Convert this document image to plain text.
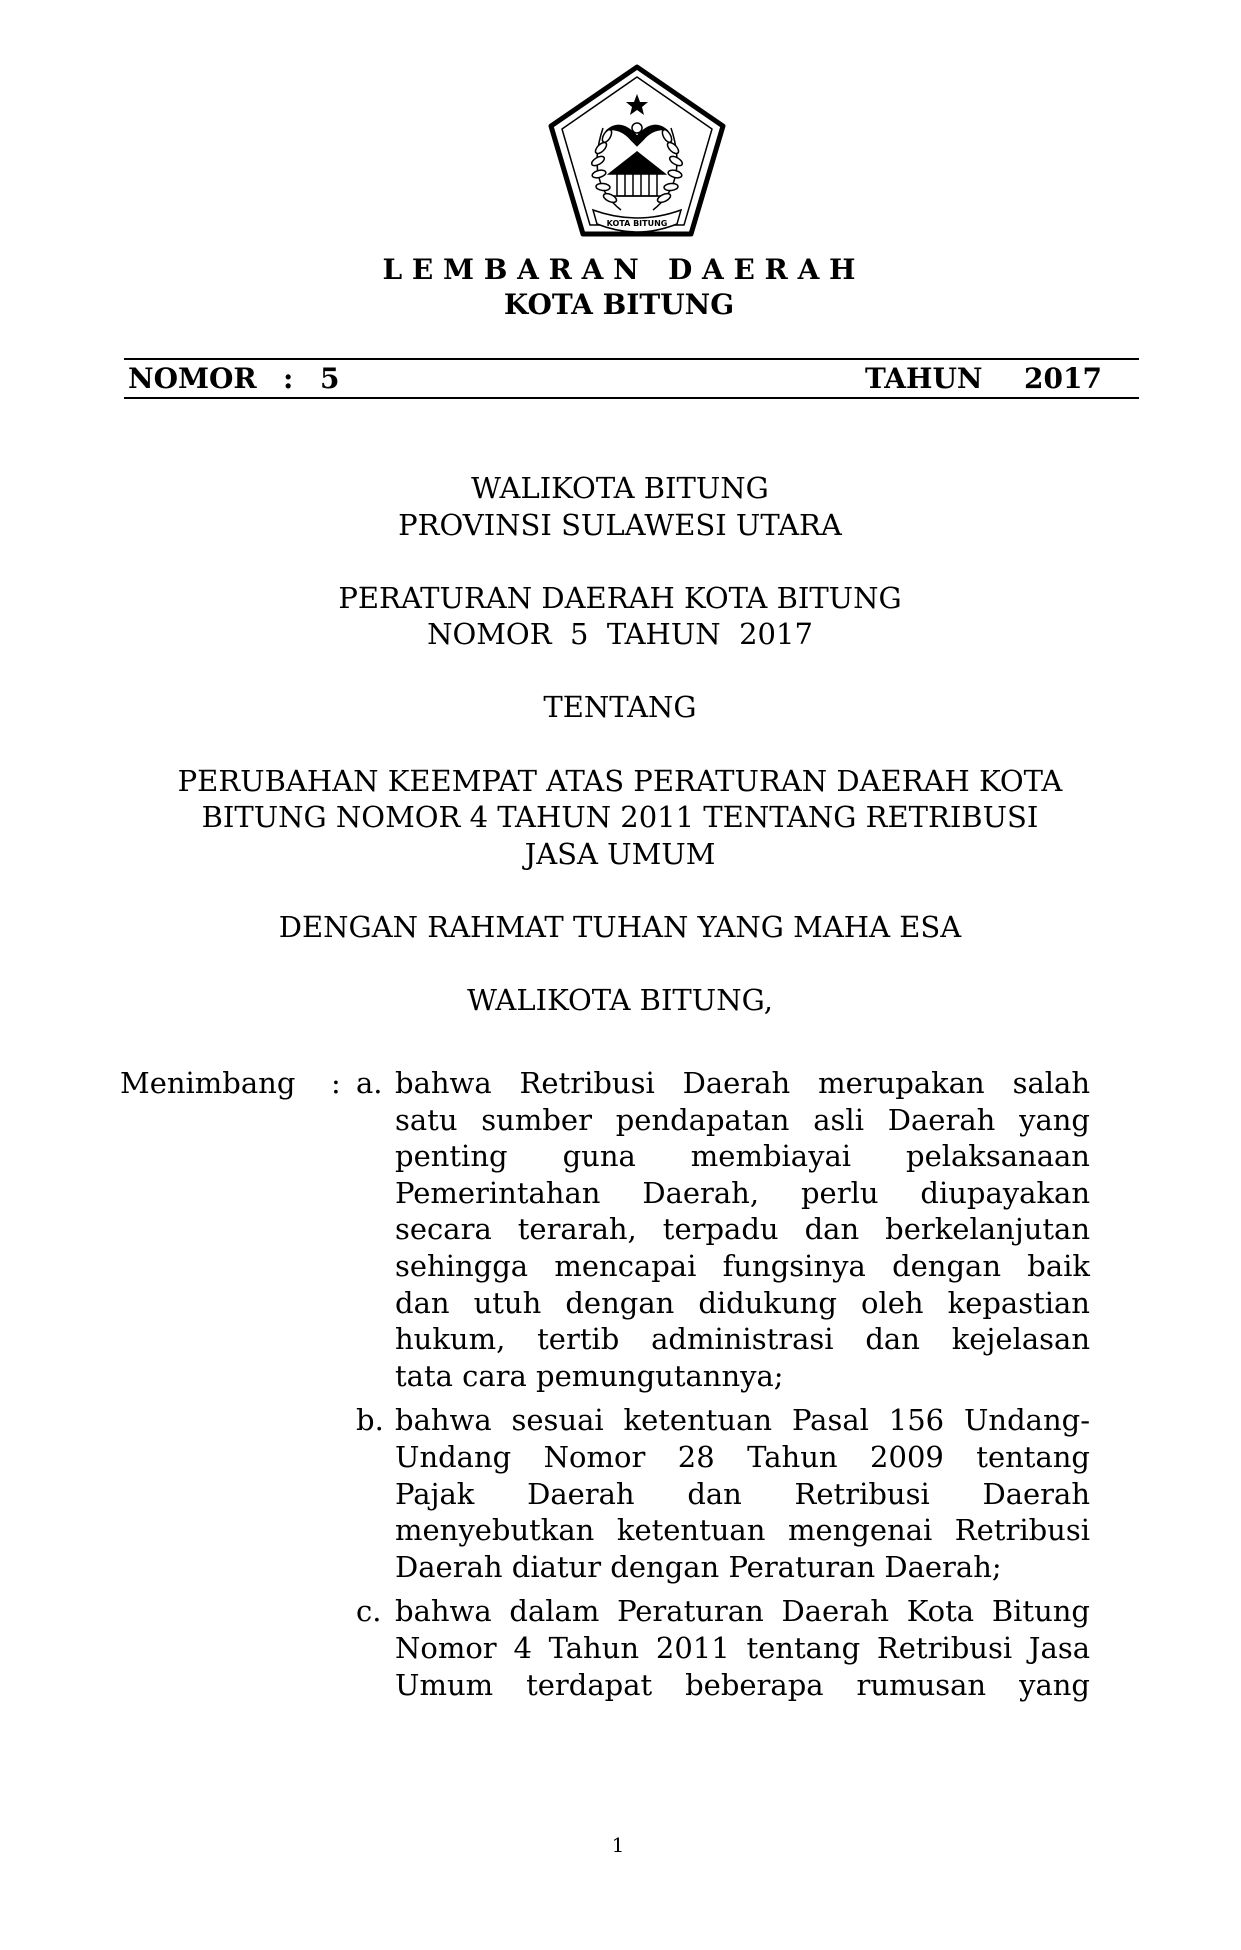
KOTA BITUNG
L E M B A R A N   D A E R A H
KOTA BITUNG
NOMOR : 5	TAHUN 2017
WALIKOTA BITUNG
PROVINSI SULAWESI UTARA
PERATURAN DAERAH KOTA BITUNG
NOMOR  5  TAHUN  2017
TENTANG
PERUBAHAN KEEMPAT ATAS PERATURAN DAERAH KOTA
BITUNG NOMOR 4 TAHUN 2011 TENTANG RETRIBUSI
JASA UMUM
DENGAN RAHMAT TUHAN YANG MAHA ESA
WALIKOTA BITUNG,
Menimbang : a. bahwa Retribusi Daerah merupakan salah
satu sumber pendapatan asli Daerah yang
penting guna membiayai pelaksanaan
Pemerintahan Daerah, perlu diupayakan
secara terarah, terpadu dan berkelanjutan
sehingga mencapai fungsinya dengan baik
dan utuh dengan didukung oleh kepastian
hukum, tertib administrasi dan kejelasan
tata cara pemungutannya;
b. bahwa sesuai ketentuan Pasal 156 Undang-
Undang Nomor 28 Tahun 2009 tentang
Pajak Daerah dan Retribusi Daerah
menyebutkan ketentuan mengenai Retribusi
Daerah diatur dengan Peraturan Daerah;
c. bahwa dalam Peraturan Daerah Kota Bitung
Nomor 4 Tahun 2011 tentang Retribusi Jasa
Umum terdapat beberapa rumusan yang
1
